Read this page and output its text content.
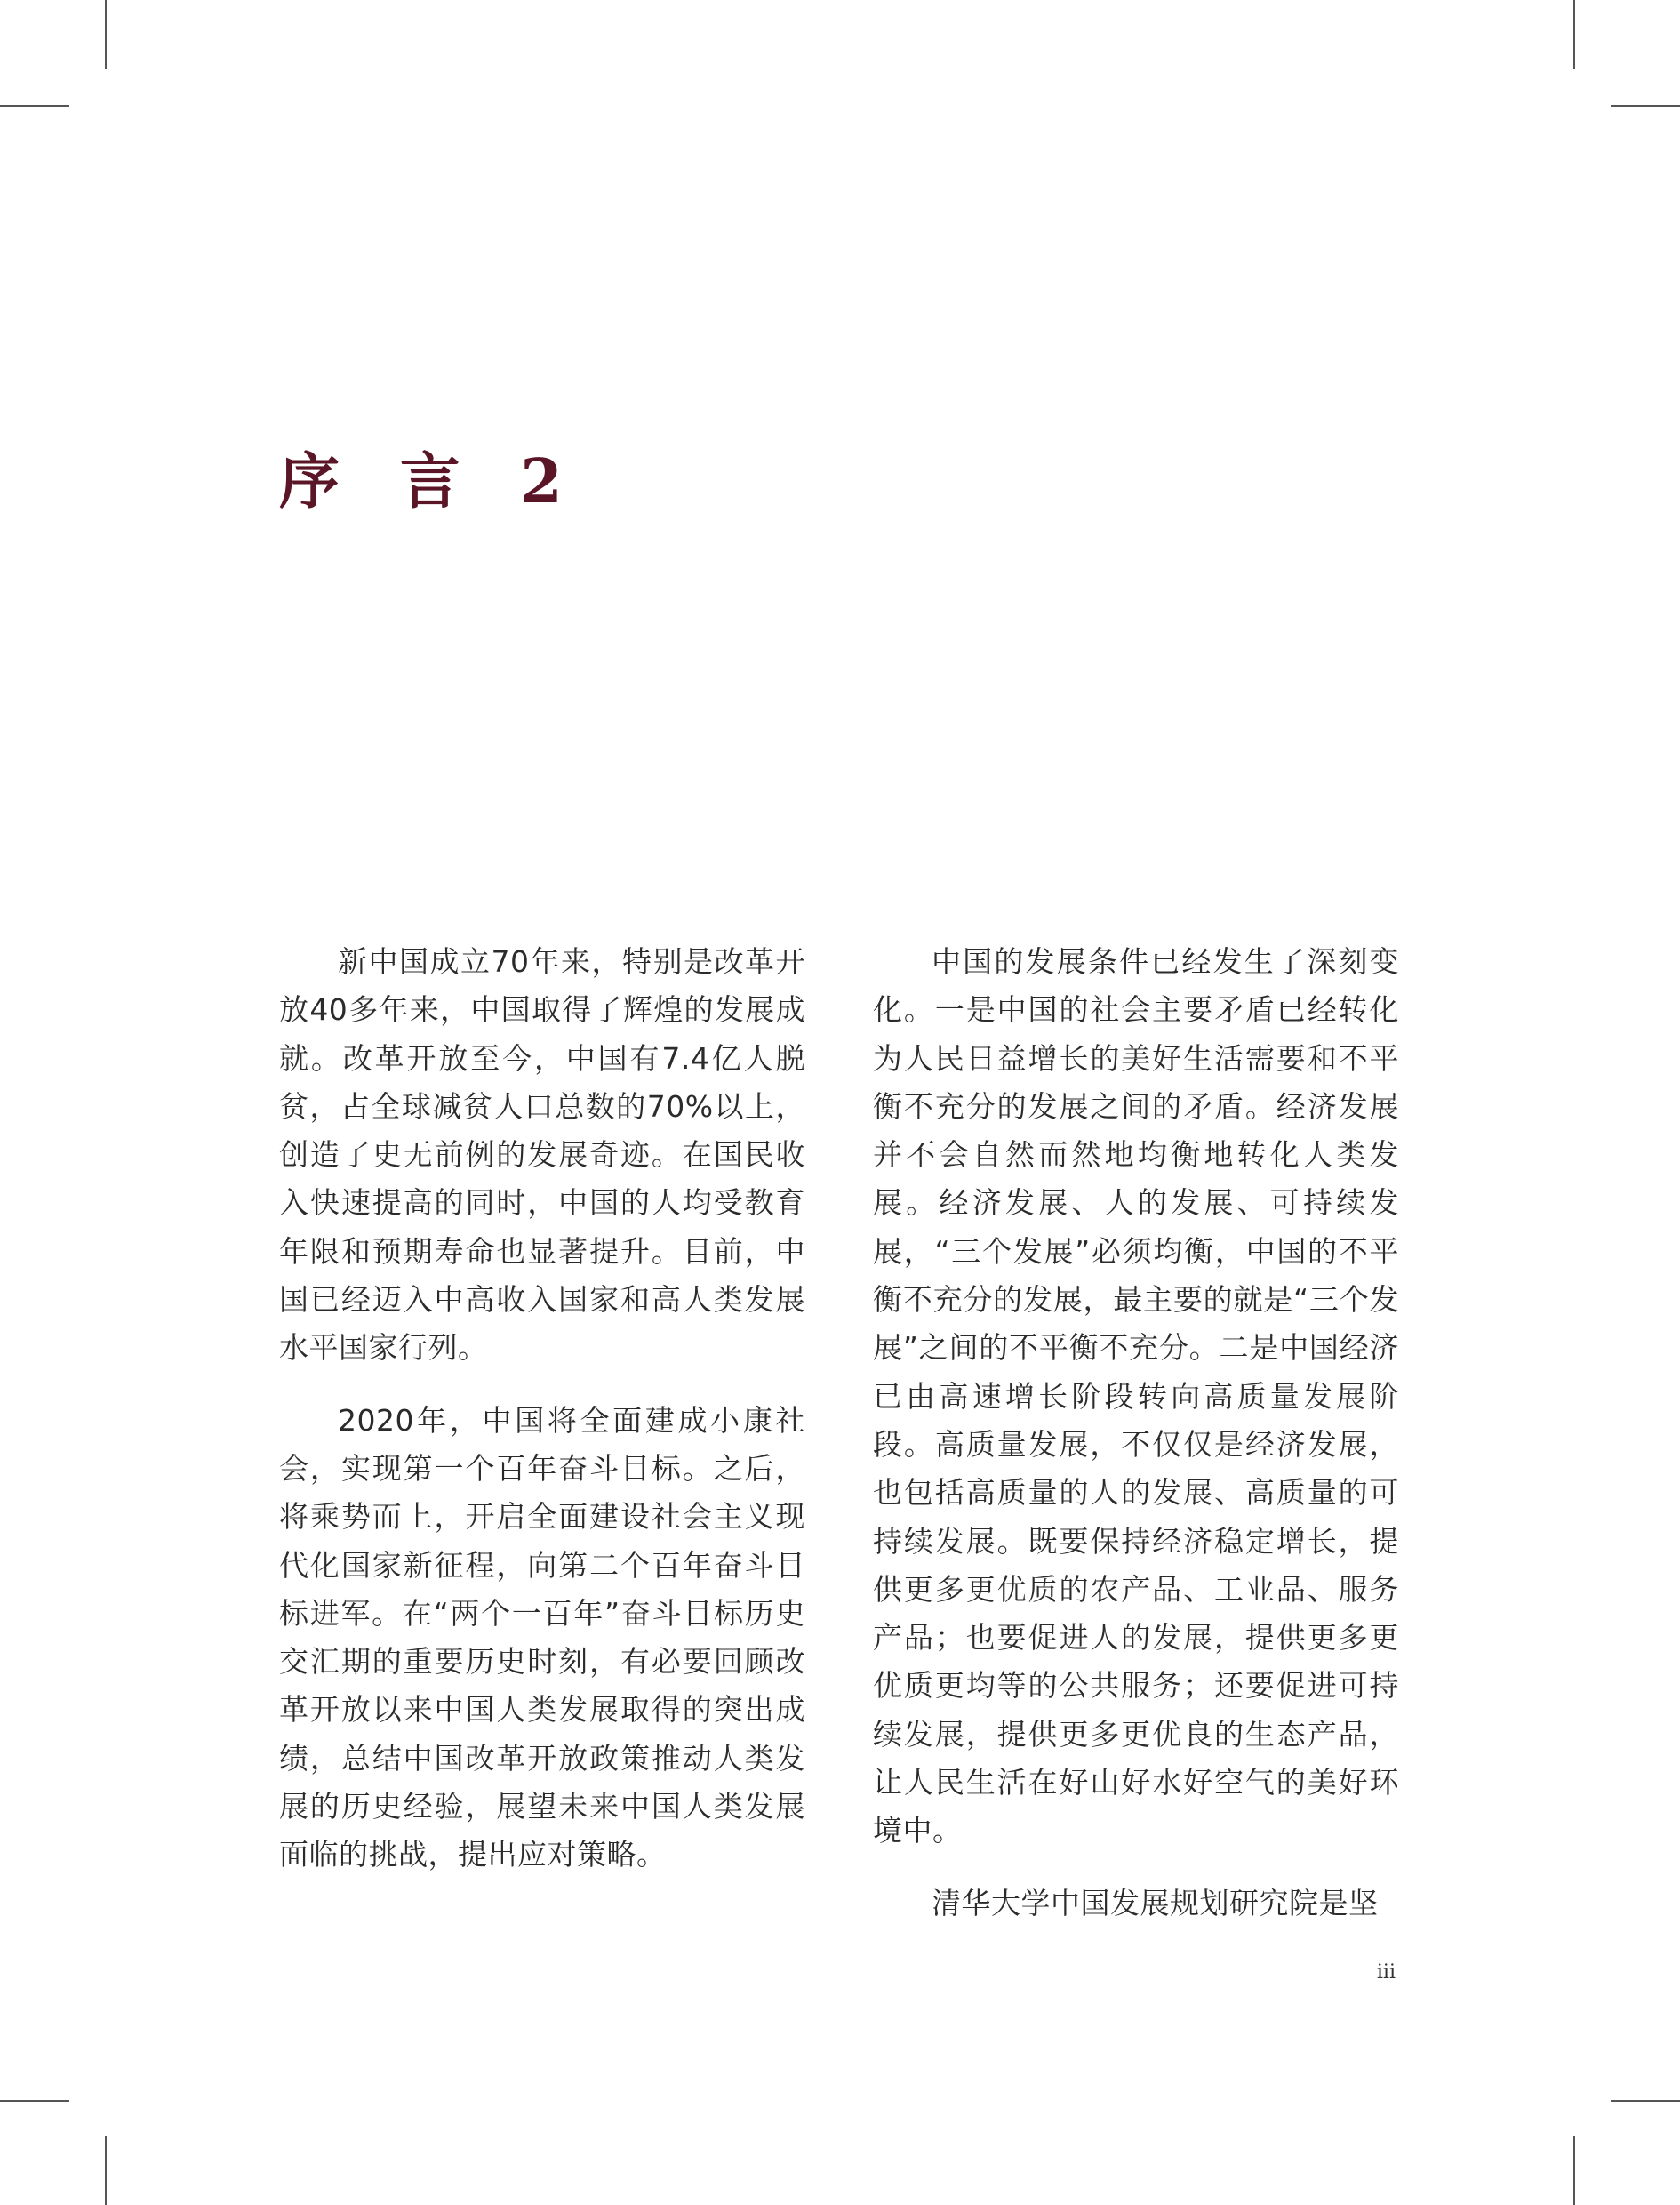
序 言 2

新中国成立70年来，特别是改革开放40多年来，中国取得了辉煌的发展成就。改革开放至今，中国有7.4亿人脱贫，占全球减贫人口总数的70%以上，创造了史无前例的发展奇迹。在国民收入快速提高的同时，中国的人均受教育年限和预期寿命也显著提升。目前，中国已经迈入中高收入国家和高人类发展水平国家行列。

2020年，中国将全面建成小康社会，实现第一个百年奋斗目标。之后，将乘势而上，开启全面建设社会主义现代化国家新征程，向第二个百年奋斗目标进军。在“两个一百年”奋斗目标历史交汇期的重要历史时刻，有必要回顾改革开放以来中国人类发展取得的突出成绩，总结中国改革开放政策推动人类发展的历史经验，展望未来中国人类发展面临的挑战，提出应对策略。

中国的发展条件已经发生了深刻变化。一是中国的社会主要矛盾已经转化为人民日益增长的美好生活需要和不平衡不充分的发展之间的矛盾。经济发展并不会自然而然地均衡地转化人类发展。经济发展、人的发展、可持续发展，“三个发展”必须均衡，中国的不平衡不充分的发展，最主要的就是“三个发展”之间的不平衡不充分。二是中国经济已由高速增长阶段转向高质量发展阶段。高质量发展，不仅仅是经济发展，也包括高质量的人的发展、高质量的可持续发展。既要保持经济稳定增长，提供更多更优质的农产品、工业品、服务产品；也要促进人的发展，提供更多更优质更均等的公共服务；还要促进可持续发展，提供更多更优良的生态产品，让人民生活在好山好水好空气的美好环境中。

清华大学中国发展规划研究院是坚

iii
